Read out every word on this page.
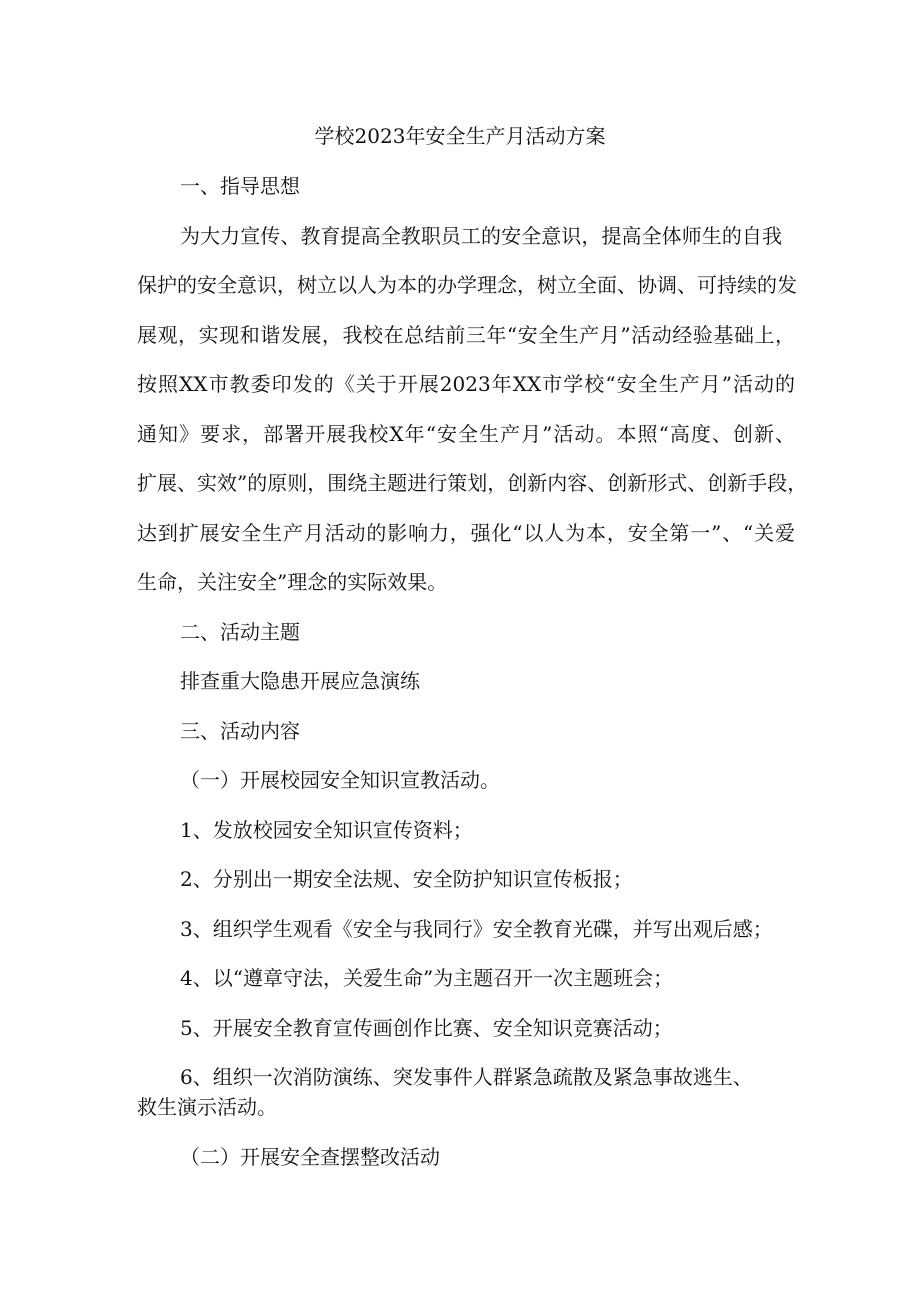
学校2023年安全生产月活动方案
一、指导思想
为大力宣传、教育提高全教职员工的安全意识，提高全体师生的自我
保护的安全意识，树立以人为本的办学理念，树立全面、协调、可持续的发
展观，实现和谐发展，我校在总结前三年“安全生产月”活动经验基础上，
按照XX市教委印发的《关于开展2023年XX市学校“安全生产月”活动的
通知》要求，部署开展我校X年“安全生产月”活动。本照“高度、创新、
扩展、实效”的原则，围绕主题进行策划，创新内容、创新形式、创新手段，
达到扩展安全生产月活动的影响力，强化“以人为本，安全第一”、“关爱
生命，关注安全”理念的实际效果。
二、活动主题
排查重大隐患开展应急演练
三、活动内容
（一）开展校园安全知识宣教活动。
1、发放校园安全知识宣传资料；
2、分别出一期安全法规、安全防护知识宣传板报；
3、组织学生观看《安全与我同行》安全教育光碟，并写出观后感；
4、以“遵章守法，关爱生命”为主题召开一次主题班会；
5、开展安全教育宣传画创作比赛、安全知识竞赛活动；
6、组织一次消防演练、突发事件人群紧急疏散及紧急事故逃生、
救生演示活动。
（二）开展安全查摆整改活动
